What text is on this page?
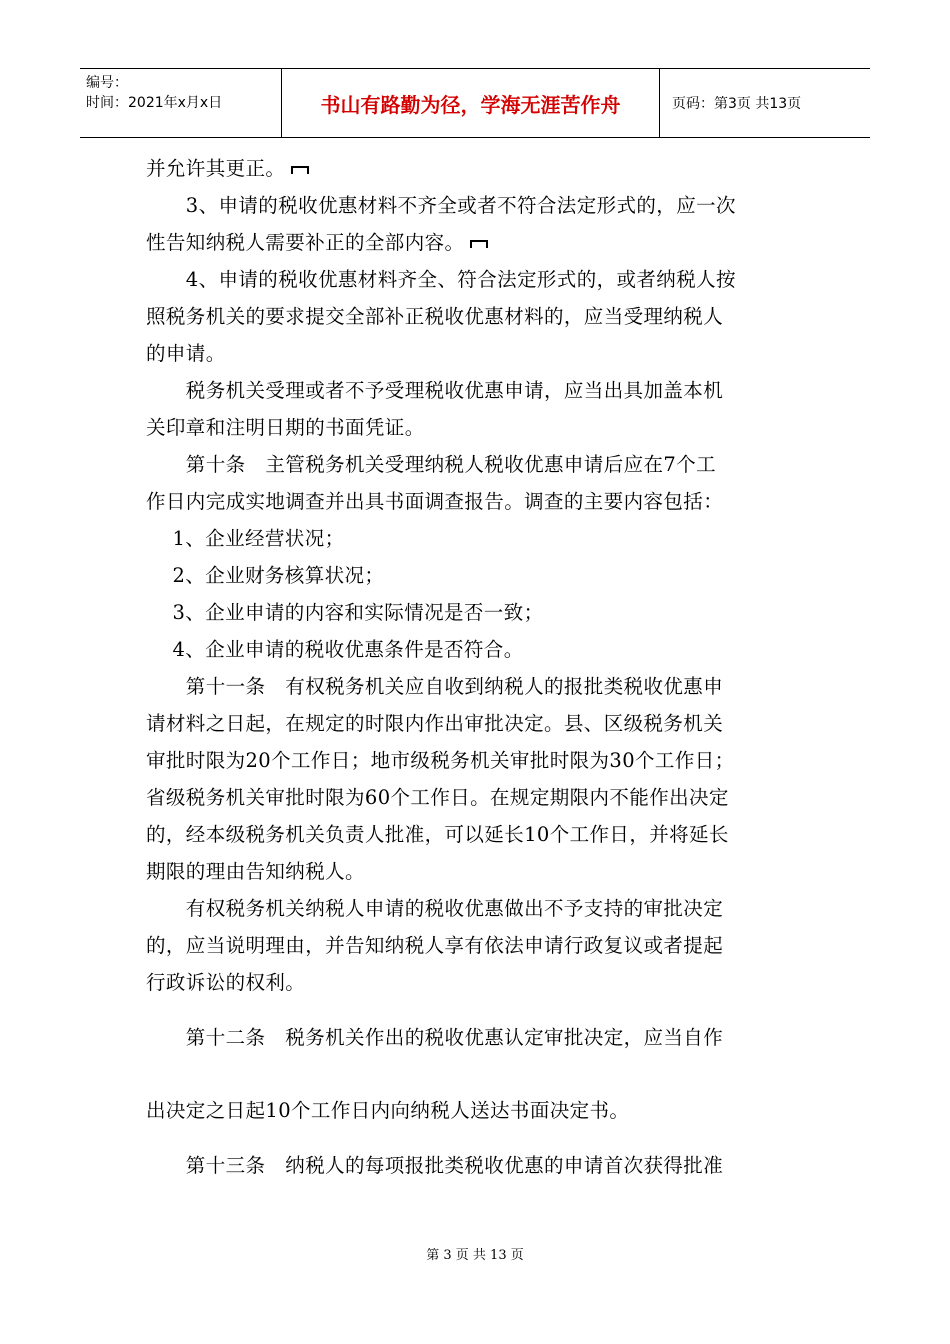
编号：
时间：2021年x月x日	书山有路勤为径，学海无涯苦作舟	页码：第3页 共13页
并允许其更正。
　　3、申请的税收优惠材料不齐全或者不符合法定形式的，应一次
性告知纳税人需要补正的全部内容。
　　4、申请的税收优惠材料齐全、符合法定形式的，或者纳税人按
照税务机关的要求提交全部补正税收优惠材料的，应当受理纳税人
的申请。
　　税务机关受理或者不予受理税收优惠申请，应当出具加盖本机
关印章和注明日期的书面凭证。
　　第十条　主管税务机关受理纳税人税收优惠申请后应在7个工
作日内完成实地调查并出具书面调查报告。调查的主要内容包括：
　 1、企业经营状况；
　 2、企业财务核算状况；
　 3、企业申请的内容和实际情况是否一致；
　 4、企业申请的税收优惠条件是否符合。
　　第十一条　有权税务机关应自收到纳税人的报批类税收优惠申
请材料之日起，在规定的时限内作出审批决定。县、区级税务机关
审批时限为20个工作日；地市级税务机关审批时限为30个工作日；
省级税务机关审批时限为60个工作日。在规定期限内不能作出决定
的，经本级税务机关负责人批准，可以延长10个工作日，并将延长
期限的理由告知纳税人。
　　有权税务机关纳税人申请的税收优惠做出不予支持的审批决定
的，应当说明理由，并告知纳税人享有依法申请行政复议或者提起
行政诉讼的权利。
　　第十二条　税务机关作出的税收优惠认定审批决定，应当自作
出决定之日起10个工作日内向纳税人送达书面决定书。
　　第十三条　纳税人的每项报批类税收优惠的申请首次获得批准
第 3 页 共 13 页
